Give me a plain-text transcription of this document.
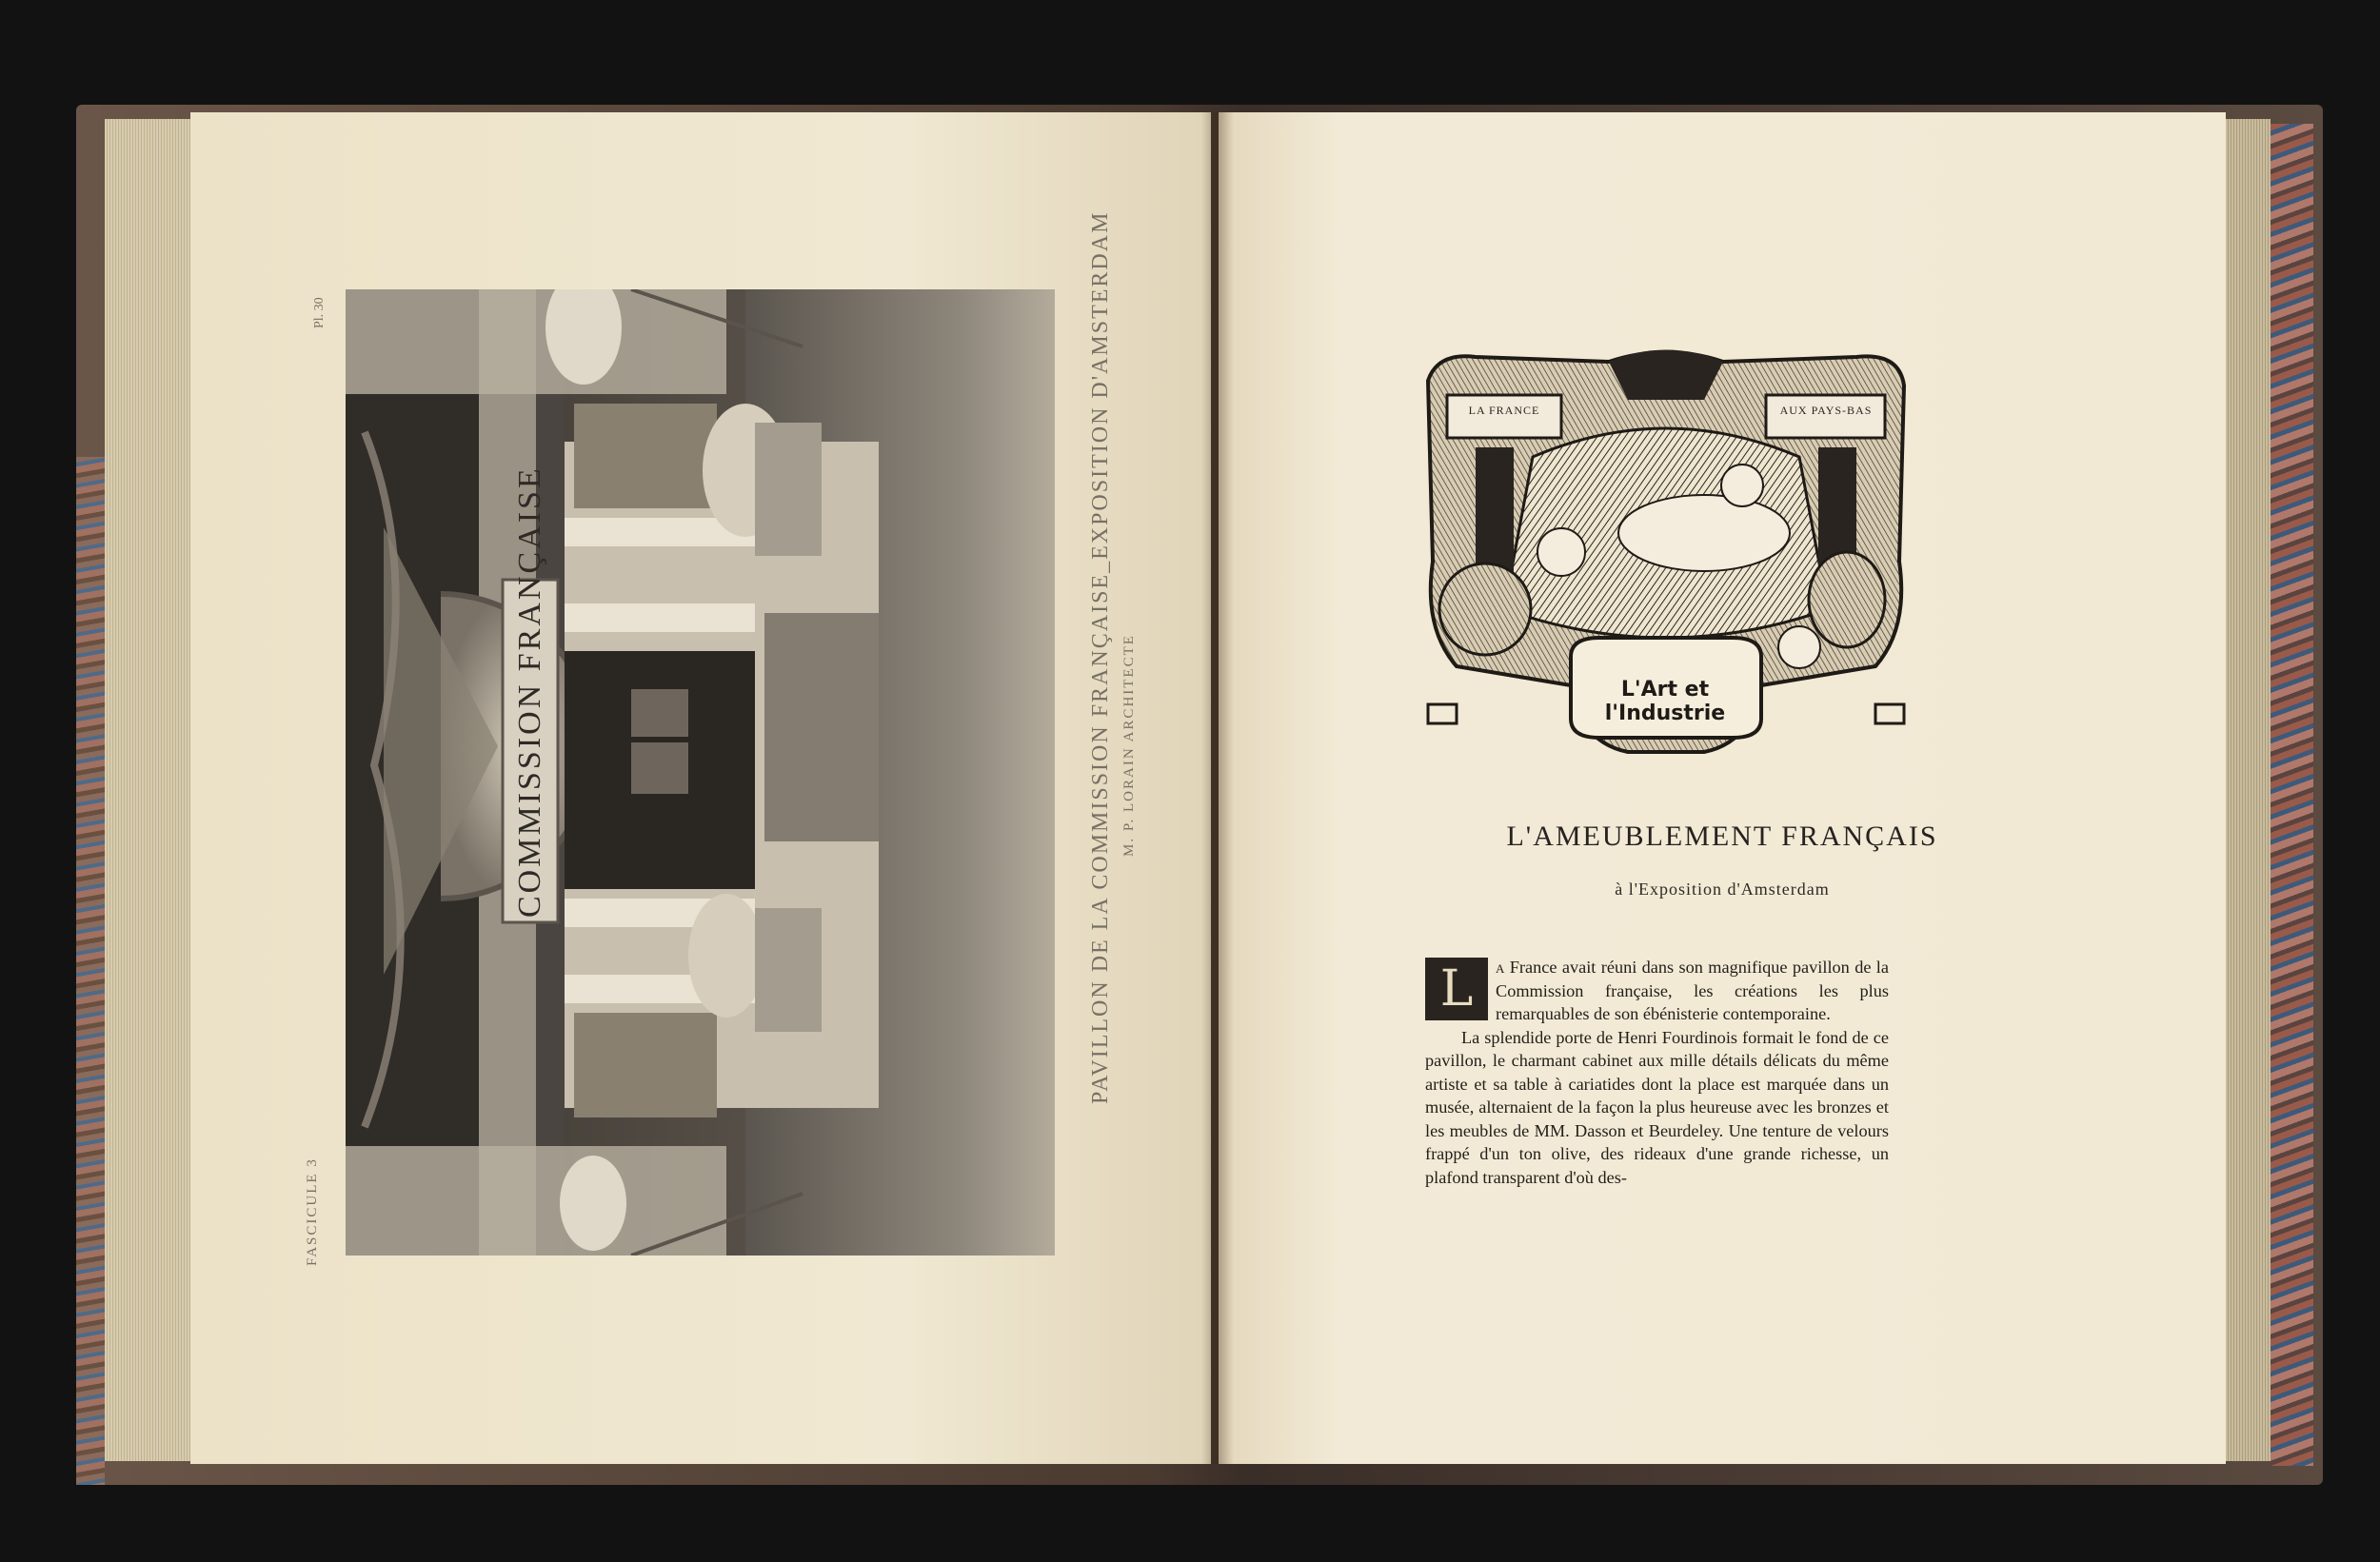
COMMISSION FRANÇAISE	PAVILLON DE LA COMMISSION FRANÇAISE_EXPOSITION D'AMSTERDAM M. P. LORAIN ARCHITECTE
FASCICULE 3
Pl. 30
LA FRANCE	AUX PAYS-BAS
L'Art et l'Industrie
L'AMEUBLEMENT FRANÇAIS
à l'Exposition d'Amsterdam

L	a France avait réuni dans son magnifique pavillon de la Commission française, les créations les plus remarquables de son ébénisterie contemporaine.

La splendide porte de Henri Fourdinois formait le fond de ce pavillon, le charmant cabinet aux mille détails délicats du même artiste et sa table à cariatides dont la place est marquée dans un musée, alternaient de la façon la plus heureuse avec les bronzes et les meubles de MM. Dasson et Beurdeley. Une tenture de velours frappé d'un ton olive, des rideaux d'une grande richesse, un plafond transparent d'où des-
